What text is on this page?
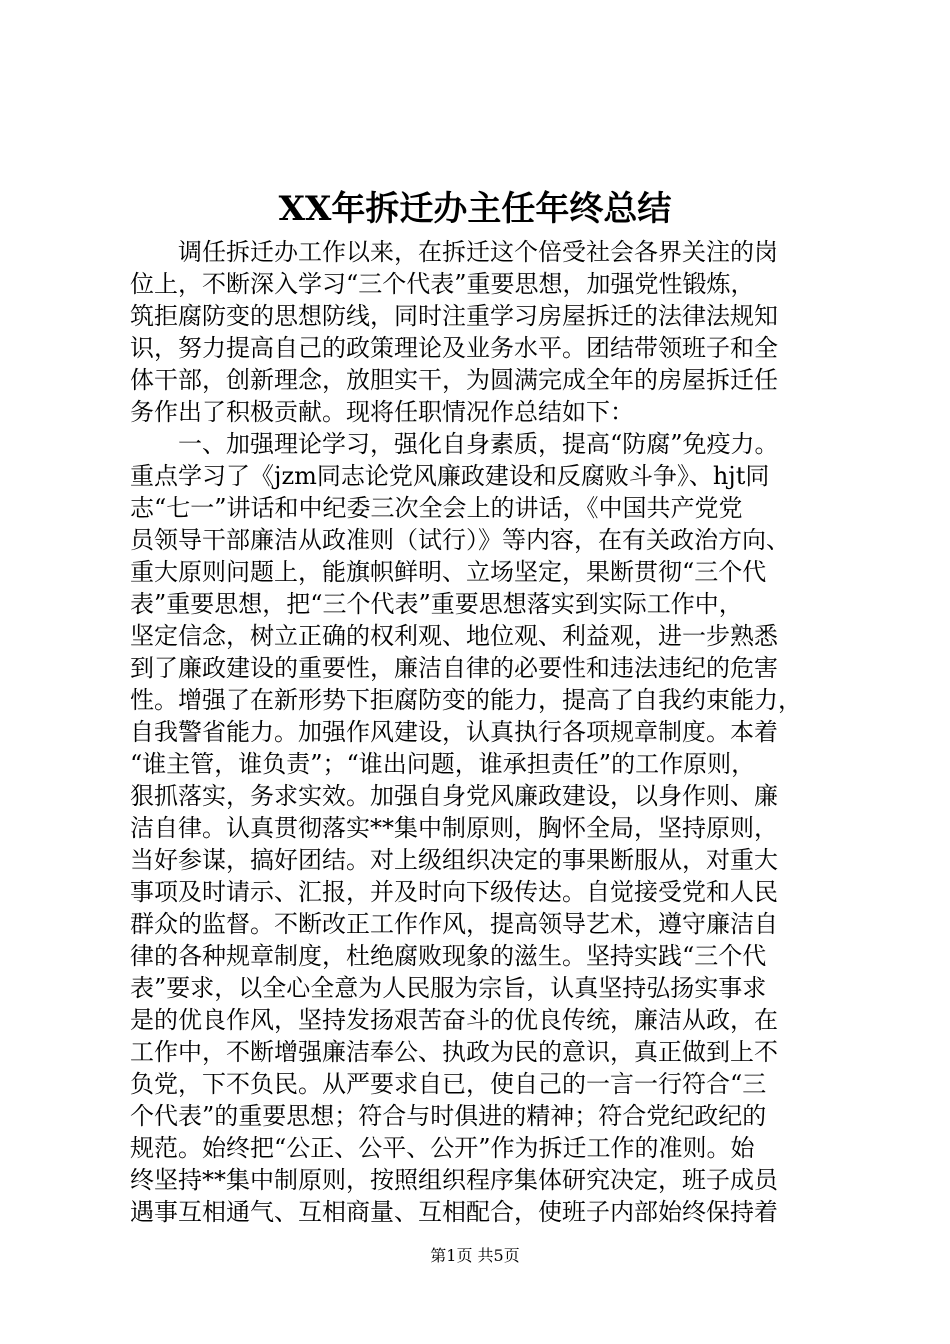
XX年拆迁办主任年终总结
　　调任拆迁办工作以来，在拆迁这个倍受社会各界关注的岗
位上，不断深入学习“三个代表”重要思想，加强党性锻炼，
筑拒腐防变的思想防线，同时注重学习房屋拆迁的法律法规知
识，努力提高自己的政策理论及业务水平。团结带领班子和全
体干部，创新理念，放胆实干，为圆满完成全年的房屋拆迁任
务作出了积极贡献。现将任职情况作总结如下：
　　一、加强理论学习，强化自身素质，提高“防腐”免疫力。
重点学习了《jzm同志论党风廉政建设和反腐败斗争》、hjt同
志“七一”讲话和中纪委三次全会上的讲话，《中国共产党党
员领导干部廉洁从政准则（试行）》等内容，在有关政治方向、
重大原则问题上，能旗帜鲜明、立场坚定，果断贯彻“三个代
表”重要思想，把“三个代表”重要思想落实到实际工作中，
坚定信念，树立正确的权利观、地位观、利益观，进一步熟悉
到了廉政建设的重要性，廉洁自律的必要性和违法违纪的危害
性。增强了在新形势下拒腐防变的能力，提高了自我约束能力，
自我警省能力。加强作风建设，认真执行各项规章制度。本着
“谁主管，谁负责”；“谁出问题，谁承担责任”的工作原则，
狠抓落实，务求实效。加强自身党风廉政建设，以身作则、廉
洁自律。认真贯彻落实**集中制原则，胸怀全局，坚持原则，
当好参谋，搞好团结。对上级组织决定的事果断服从，对重大
事项及时请示、汇报，并及时向下级传达。自觉接受党和人民
群众的监督。不断改正工作作风，提高领导艺术，遵守廉洁自
律的各种规章制度，杜绝腐败现象的滋生。坚持实践“三个代
表”要求，以全心全意为人民服为宗旨，认真坚持弘扬实事求
是的优良作风，坚持发扬艰苦奋斗的优良传统，廉洁从政，在
工作中，不断增强廉洁奉公、执政为民的意识，真正做到上不
负党，下不负民。从严要求自已，使自己的一言一行符合“三
个代表”的重要思想；符合与时俱进的精神；符合党纪政纪的
规范。始终把“公正、公平、公开”作为拆迁工作的准则。始
终坚持**集中制原则，按照组织程序集体研究决定，班子成员
遇事互相通气、互相商量、互相配合，使班子内部始终保持着
第1页 共5页
